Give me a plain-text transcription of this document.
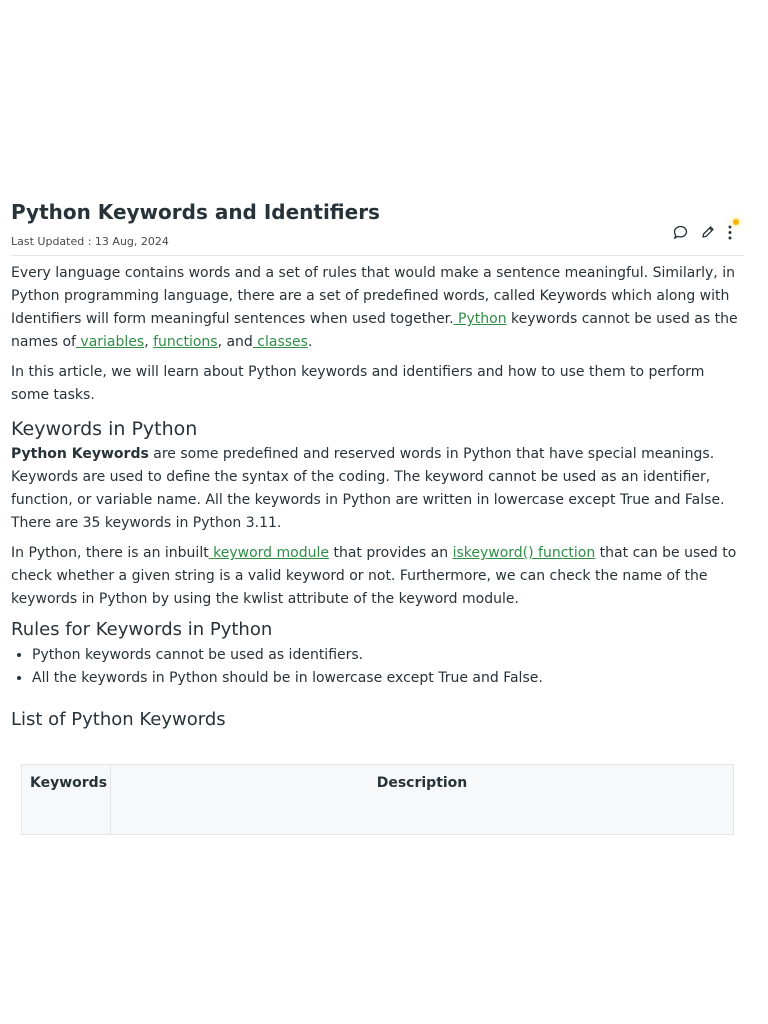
Python Keywords and Identifiers
Last Updated : 13 Aug, 2024

Every language contains words and a set of rules that would make a sentence meaningful. Similarly, in Python programming language, there are a set of predefined words, called Keywords which along with Identifiers will form meaningful sentences when used together. Python keywords cannot be used as the names of variables, functions, and classes.

In this article, we will learn about Python keywords and identifiers and how to use them to perform some tasks.

Keywords in Python

Python Keywords are some predefined and reserved words in Python that have special meanings. Keywords are used to define the syntax of the coding. The keyword cannot be used as an identifier, function, or variable name. All the keywords in Python are written in lowercase except True and False. There are 35 keywords in Python 3.11.

In Python, there is an inbuilt keyword module that provides an iskeyword() function that can be used to check whether a given string is a valid keyword or not. Furthermore, we can check the name of the keywords in Python by using the kwlist attribute of the keyword module.

Rules for Keywords in Python
• Python keywords cannot be used as identifiers.
• All the keywords in Python should be in lowercase except True and False.
List of Python Keywords
Keywords	Description
